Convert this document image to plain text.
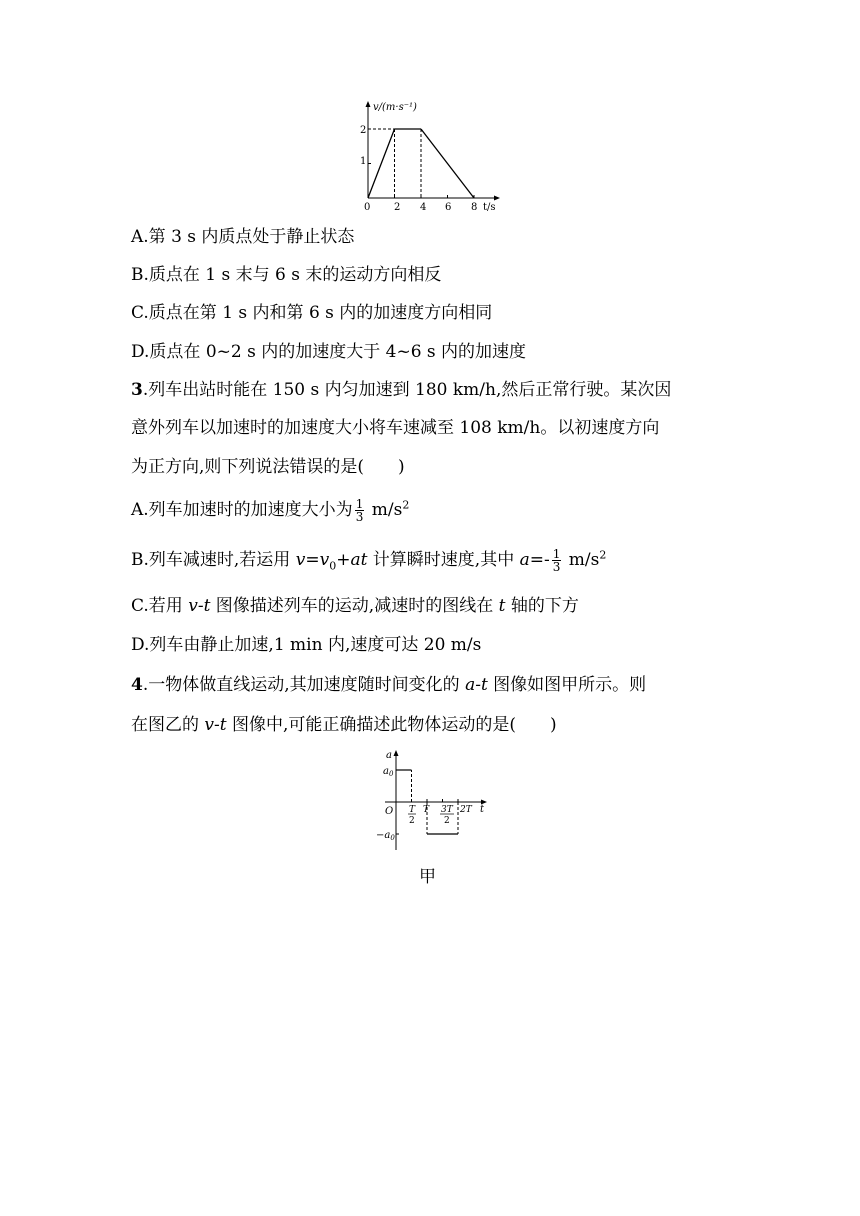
v/(m·s⁻¹)
t/s
0 2 4 6 8
1
2
A.第 3 s 内质点处于静止状态
B.质点在 1 s 末与 6 s 末的运动方向相反
C.质点在第 1 s 内和第 6 s 内的加速度方向相同
D.质点在 0~2 s 内的加速度大于 4~6 s 内的加速度
3.列车出站时能在 150 s 内匀加速到 180 km/h,然后正常行驶。某次因
意外列车以加速时的加速度大小将车速减至 108 km/h。以初速度方向
为正方向,则下列说法错误的是(　　)
A.列车加速时的加速度大小为 $\frac{1}{3} m/s^2$
B.列车减速时,若运用 $v=v_0+at$ 计算瞬时速度,其中 $a=- \frac{1}{3} m/s^2$
C.若用 v-t 图像描述列车的运动,减速时的图线在 t 轴的下方
D.列车由静止加速,1 min 内,速度可达 20 m/s
4.一物体做直线运动,其加速度随时间变化的 a-t 图像如图甲所示。则
在图乙的 v-t 图像中,可能正确描述此物体运动的是(　　)
a
t
O
$a_0$
$-a_0$
T
2
T 3T
2
2T
甲
